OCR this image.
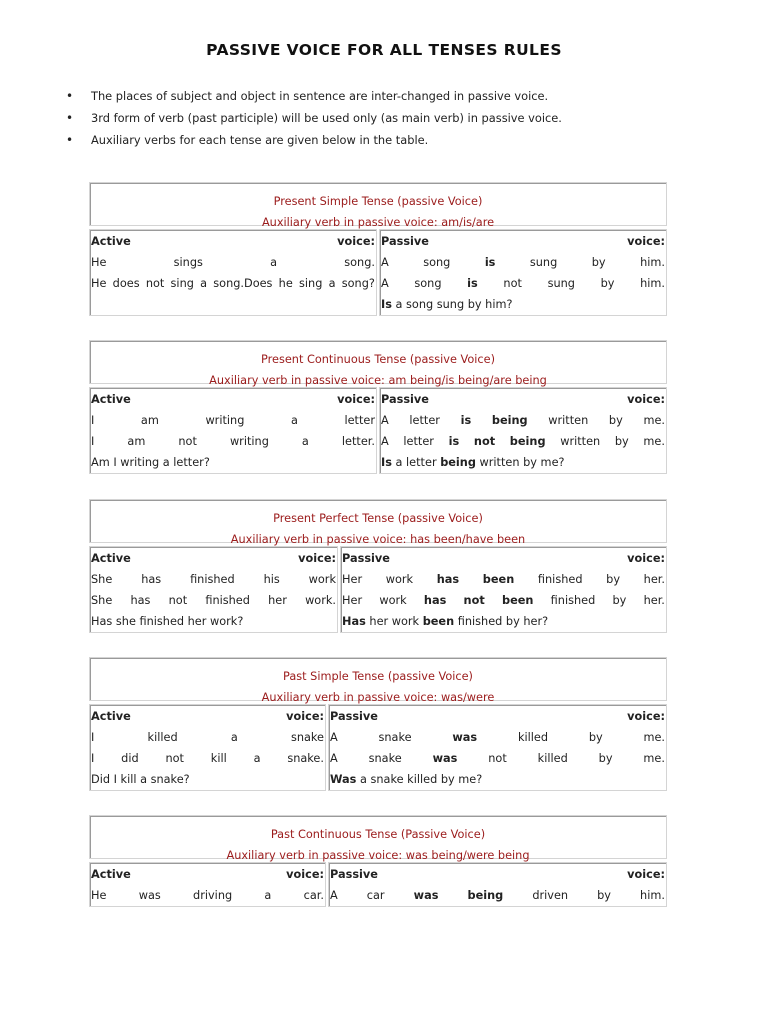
PASSIVE VOICE FOR ALL TENSES RULES
• The places of subject and object in sentence are inter-changed in passive voice.
• 3rd form of verb (past participle) will be used only (as main verb) in passive voice.
• Auxiliary verbs for each tense are given below in the table.
Present Simple Tense (passive Voice)
Auxiliary verb in passive voice: am/is/are
Active	voice:
He	sings	a	song.
He does not sing a song.Does he sing a song?
Passive	voice:
A	song	is	sung	by	him.
A song is not sung by him.
Is a song sung by him?
Present Continuous Tense (passive Voice)
Auxiliary verb in passive voice: am being/is being/are being
Active	voice:
I	am	writing	a	letter
I	am	not	writing	a	letter.
Am I writing a letter?
Passive	voice:
A letter is being written by me.
A letter is not being written by me.
Is a letter being written by me?
Present Perfect Tense (passive Voice)
Auxiliary verb in passive voice: has been/have been
Active	voice:
She	has	finished	his	work
She has not finished her work.
Has she finished her work?
Passive	voice:
Her work has been finished by her.
Her work has not been finished by her.
Has her work been finished by her?
Past Simple Tense (passive Voice)
Auxiliary verb in passive voice: was/were
Active	voice:
I	killed	a	snake
I did not kill a snake.
Did I kill a snake?
Passive	voice:
A	snake	was	killed	by	me.
A	snake	was	not	killed	by	me.
Was a snake killed by me?
Past Continuous Tense (Passive Voice)
Auxiliary verb in passive voice: was being/were being
Active	voice:
He	was	driving	a	car.
Passive	voice:
A	car	was	being	driven	by	him.
